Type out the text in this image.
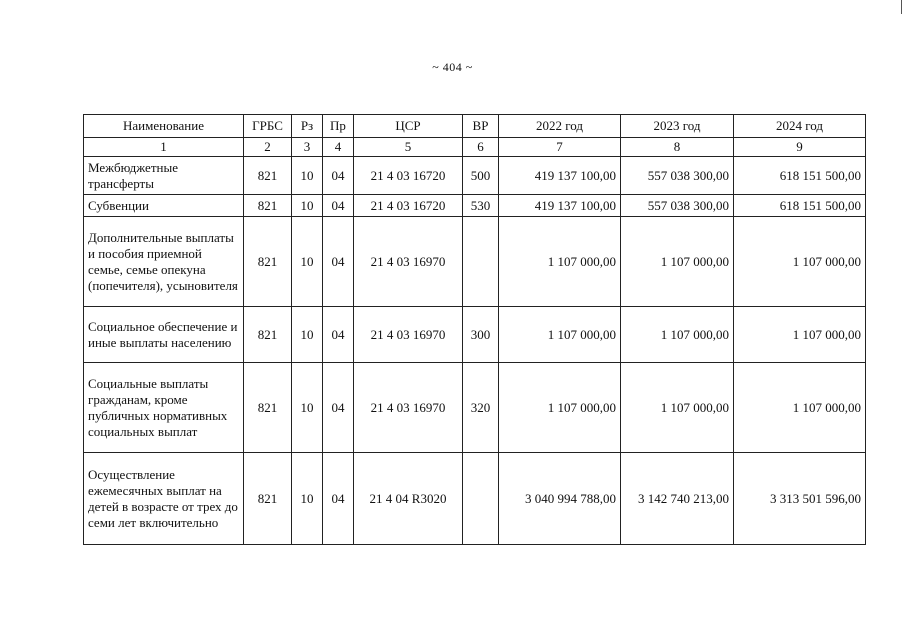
~ 404 ~
Наименование	ГРБС	Рз	Пр	ЦСР	ВР	2022 год	2023 год	2024 год
1	2	3	4	5	6	7	8	9
Межбюджетные трансферты	821	10	04	21 4 03 16720	500	419 137 100,00	557 038 300,00	618 151 500,00
Субвенции	821	10	04	21 4 03 16720	530	419 137 100,00	557 038 300,00	618 151 500,00
Дополнительные выплаты и пособия приемной семье, семье опекуна (попечителя), усыновителя	821	10	04	21 4 03 16970		1 107 000,00	1 107 000,00	1 107 000,00
Социальное обеспечение и иные выплаты населению	821	10	04	21 4 03 16970	300	1 107 000,00	1 107 000,00	1 107 000,00
Социальные выплаты гражданам, кроме публичных нормативных социальных выплат	821	10	04	21 4 03 16970	320	1 107 000,00	1 107 000,00	1 107 000,00
Осуществление ежемесячных выплат на детей в возрасте от трех до семи лет включительно	821	10	04	21 4 04 R3020		3 040 994 788,00	3 142 740 213,00	3 313 501 596,00
